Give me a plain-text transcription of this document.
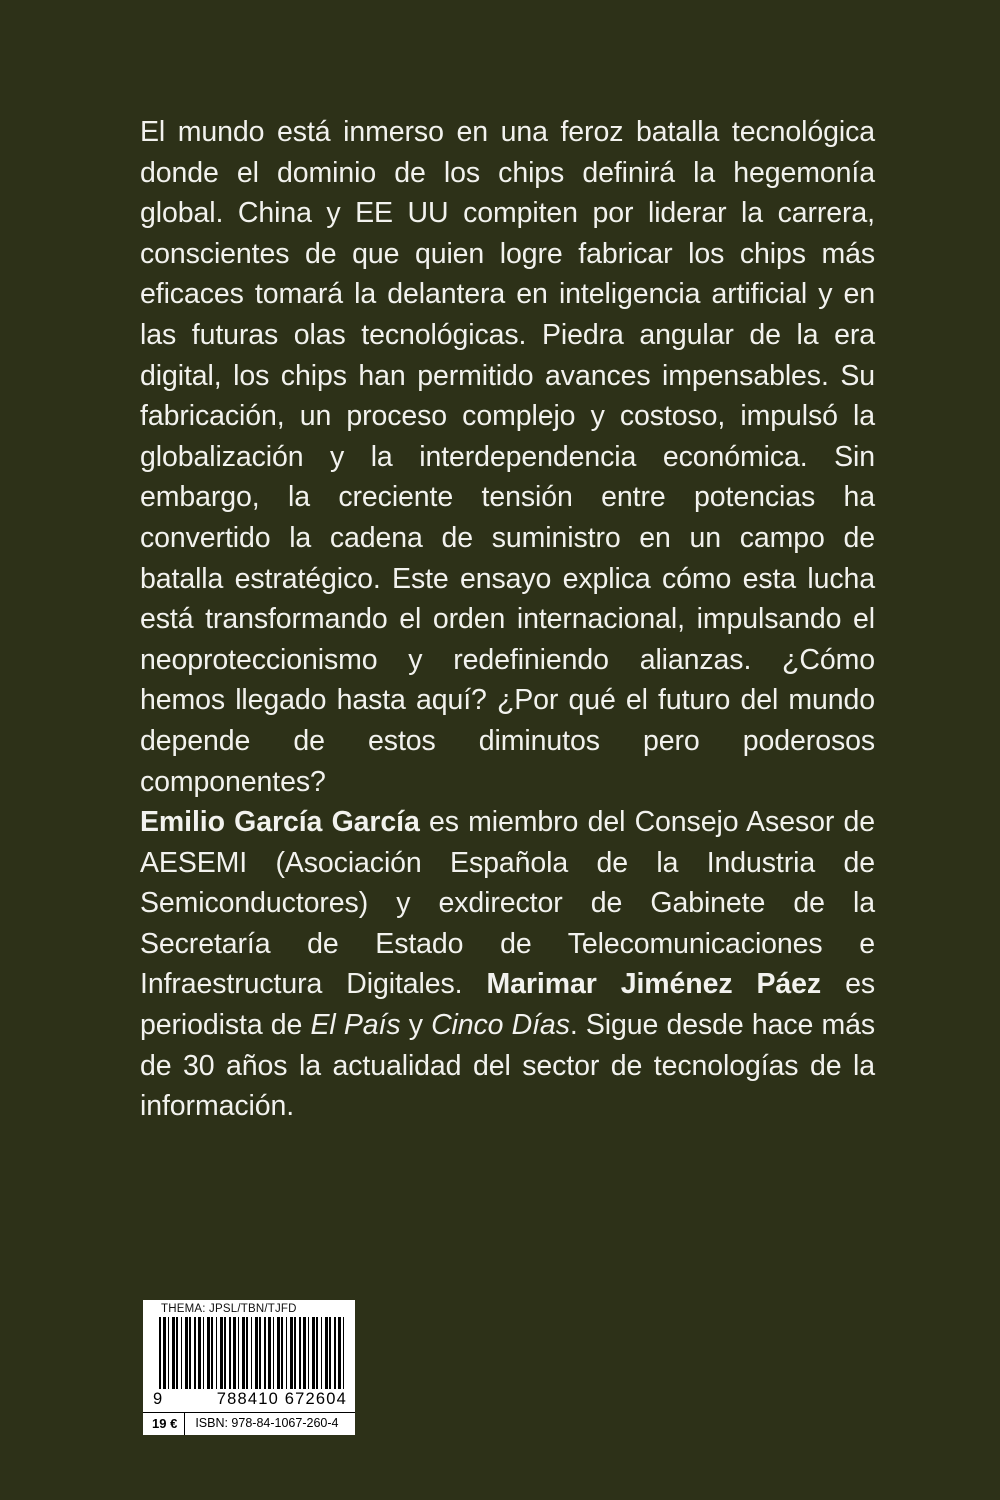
El mundo está inmerso en una feroz batalla tecnológica donde el dominio de los chips definirá la hegemonía global. China y EE UU compiten por liderar la carrera, conscientes de que quien logre fabricar los chips más eficaces tomará la delantera en inteligencia artificial y en las futuras olas tecnológicas. Piedra angular de la era digital, los chips han permitido avances impensables. Su fabricación, un proceso complejo y costoso, impulsó la globalización y la interdependencia económica. Sin embargo, la creciente tensión entre potencias ha convertido la cadena de suministro en un campo de batalla estratégico. Este ensayo explica cómo esta lucha está transformando el orden internacional, impulsando el neoproteccionismo y redefiniendo alianzas. ¿Cómo hemos llegado hasta aquí? ¿Por qué el futuro del mundo depende de estos diminutos pero poderosos componentes?

Emilio García García es miembro del Consejo Asesor de AESEMI (Asociación Española de la Industria de Semiconductores) y exdirector de Gabinete de la Secretaría de Estado de Telecomunicaciones e Infraestructura Digitales. Marimar Jiménez Páez es periodista de El País y Cinco Días. Sigue desde hace más de 30 años la actualidad del sector de tecnologías de la información.

THEMA: JPSL/TBN/TJFD
9	788410 672604
19 €	ISBN: 978-84-1067-260-4
